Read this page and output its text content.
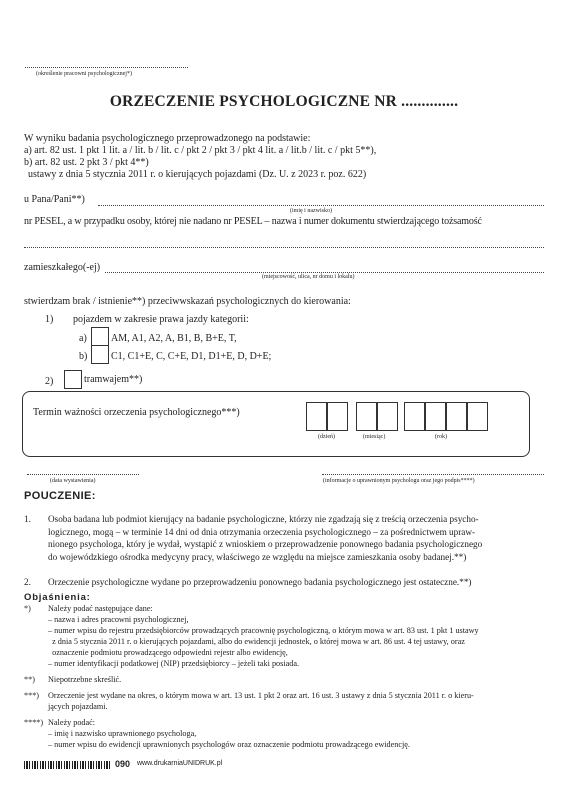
(określenie pracowni psychologicznej*)
ORZECZENIE PSYCHOLOGICZNE NR ..............
W wyniku badania psychologicznego przeprowadzonego na podstawie:
a) art. 82 ust. 1 pkt 1 lit. a / lit. b / lit. c / pkt 2 / pkt 3 / pkt 4 lit. a / lit.b / lit. c / pkt 5**),
b) art. 82 ust. 2 pkt 3 / pkt 4**)
ustawy z dnia 5 stycznia 2011 r. o kierujących pojazdami (Dz. U. z 2023 r. poz. 622)
u Pana/Pani**)
(imię i nazwisko)
nr PESEL, a w przypadku osoby, której nie nadano nr PESEL – nazwa i numer dokumentu stwierdzającego tożsamość
zamieszkałego(-ej)
(miejscowość, ulica, nr domu i lokalu)
stwierdzam brak / istnienie**) przeciwwskazań psychologicznych do kierowania:
1) pojazdem w zakresie prawa jazdy kategorii:
a) AM, A1, A2, A, B1, B, B+E, T,
b) C1, C1+E, C, C+E, D1, D1+E, D, D+E;
2)	tramwajem**)
Termin ważności orzeczenia psychologicznego***)
(dzień)	(miesiąc)	(rok)
(data wystawienia)	(informacje o uprawnionym psychologu oraz jego podpis****)
POUCZENIE:
1. Osoba badana lub podmiot kierujący na badanie psychologiczne, którzy nie zgadzają się z treścią orzeczenia psycho-
logicznego, mogą – w terminie 14 dni od dnia otrzymania orzeczenia psychologicznego – za pośrednictwem upraw-
nionego psychologa, który je wydał, wystąpić z wnioskiem o przeprowadzenie ponownego badania psychologicznego
do wojewódzkiego ośrodka medycyny pracy, właściwego ze względu na miejsce zamieszkania osoby badanej.**)
2. Orzeczenie psychologiczne wydane po przeprowadzeniu ponownego badania psychologicznego jest ostateczne.**)
Objaśnienia:
*) Należy podać następujące dane:
– nazwa i adres pracowni psychologicznej,
– numer wpisu do rejestru przedsiębiorców prowadzących pracownię psychologiczną, o którym mowa w art. 83 ust. 1 pkt 1 ustawy
z dnia 5 stycznia 2011 r. o kierujących pojazdami, albo do ewidencji jednostek, o której mowa w art. 86 ust. 4 tej ustawy, oraz
oznaczenie podmiotu prowadzącego odpowiedni rejestr albo ewidencję,
– numer identyfikacji podatkowej (NIP) przedsiębiorcy – jeżeli taki posiada.
**) Niepotrzebne skreślić.
***) Orzeczenie jest wydane na okres, o którym mowa w art. 13 ust. 1 pkt 2 oraz art. 16 ust. 3 ustawy z dnia 5 stycznia 2011 r. o kieru-
jących pojazdami.
****) Należy podać:
– imię i nazwisko uprawnionego psychologa,
– numer wpisu do ewidencji uprawnionych psychologów oraz oznaczenie podmiotu prowadzącego ewidencję.
090 www.drukarniaUNIDRUK.pl
